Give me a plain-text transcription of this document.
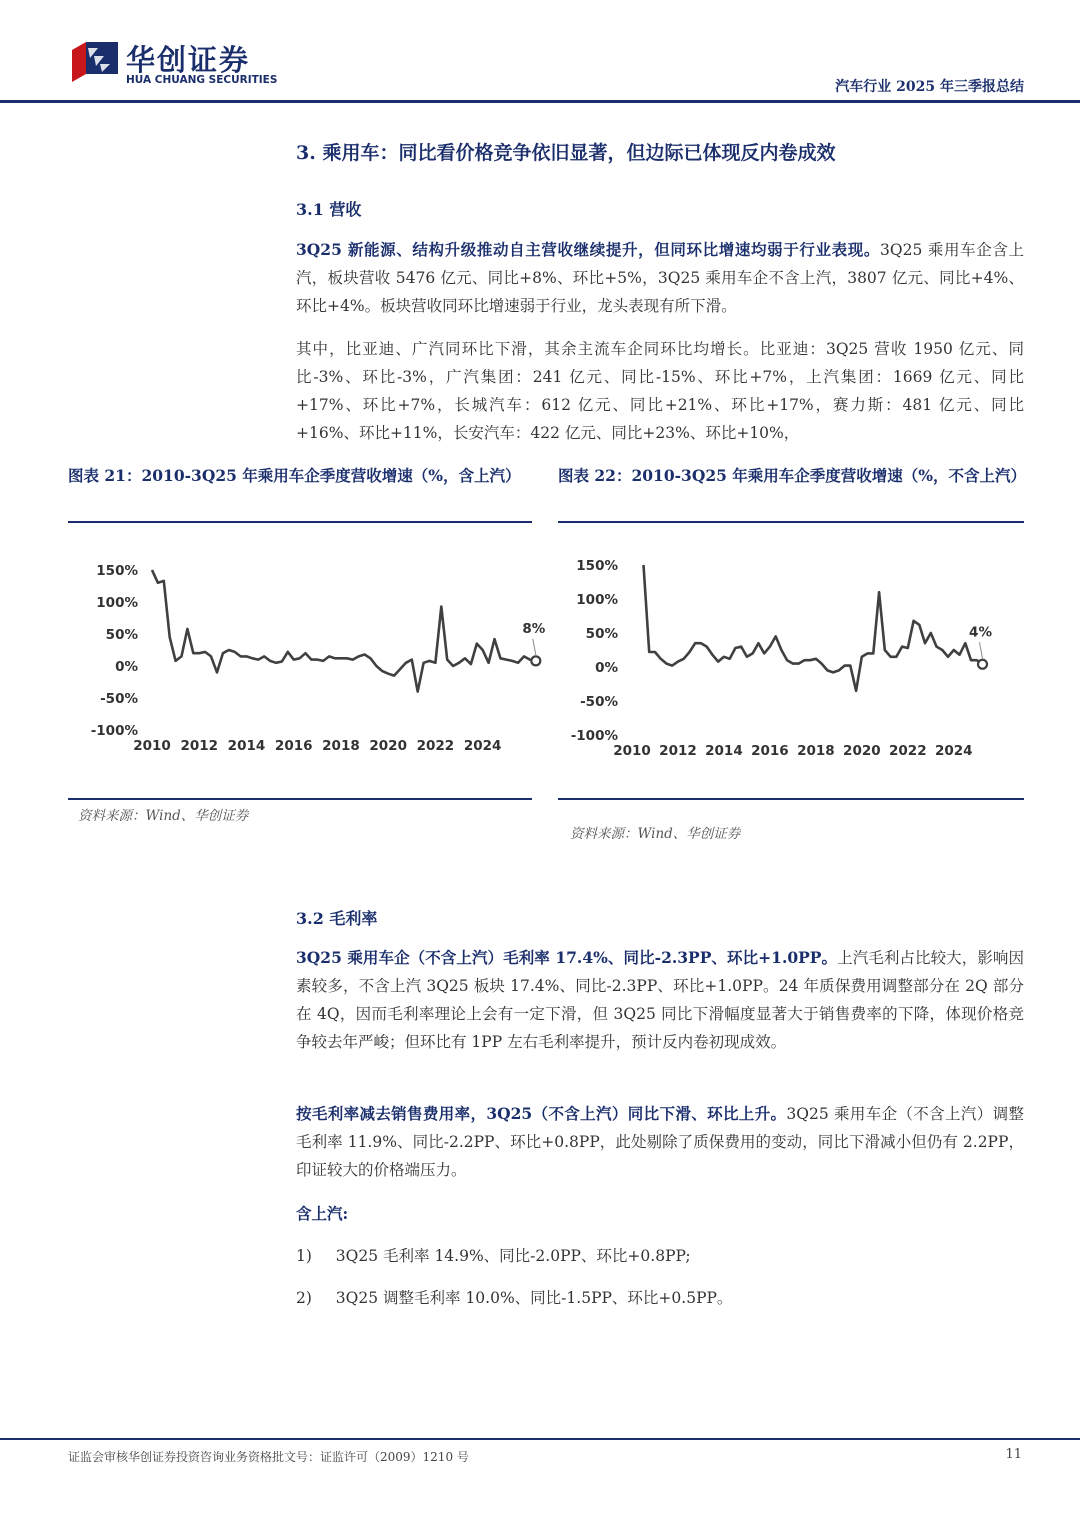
华创证券
HUA CHUANG SECURITIES	汽车行业 2025 年三季报总结
3. 乘用车：同比看价格竞争依旧显著，但边际已体现反内卷成效
3.1 营收

3Q25 新能源、结构升级推动自主营收继续提升，但同环比增速均弱于行业表现。3Q25 乘用车企含上汽，板块营收 5476 亿元、同比+8%、环比+5%，3Q25 乘用车企不含上汽，3807 亿元、同比+4%、环比+4%。板块营收同环比增速弱于行业，龙头表现有所下滑。

其中，比亚迪、广汽同环比下滑，其余主流车企同环比均增长。比亚迪：3Q25 营收 1950 亿元、同比-3%、环比-3%，广汽集团：241 亿元、同比-15%、环比+7%，上汽集团：1669 亿元、同比+17%、环比+7%，长城汽车：612 亿元、同比+21%、环比+17%，赛力斯：481 亿元、同比+16%、环比+11%，长安汽车：422 亿元、同比+23%、环比+10%，

图表 21：2010-3Q25 年乘用车企季度营收增速（%，含上汽）	图表 22：2010-3Q25 年乘用车企季度营收增速（%，不含上汽）
150%
100%
50%
0%
-50%
-100%
2010 2012 2014 2016 2018 2020 2022 2024
8%
150%
100%
50%
0%
-50%
-100%
2010 2012 2014 2016 2018 2020 2022 2024
4%
资料来源：Wind、华创证券
资料来源：Wind、华创证券
3.2 毛利率

3Q25 乘用车企（不含上汽）毛利率 17.4%、同比-2.3PP、环比+1.0PP。上汽毛利占比较大，影响因素较多，不含上汽 3Q25 板块 17.4%、同比-2.3PP、环比+1.0PP。24 年质保费用调整部分在 2Q 部分在 4Q，因而毛利率理论上会有一定下滑，但 3Q25 同比下滑幅度显著大于销售费率的下降，体现价格竞争较去年严峻；但环比有 1PP 左右毛利率提升，预计反内卷初现成效。

按毛利率减去销售费用率，3Q25（不含上汽）同比下滑、环比上升。3Q25 乘用车企（不含上汽）调整毛利率 11.9%、同比-2.2PP、环比+0.8PP，此处剔除了质保费用的变动，同比下滑减小但仍有 2.2PP，印证较大的价格端压力。

含上汽:

1) 3Q25 毛利率 14.9%、同比-2.0PP、环比+0.8PP;
2) 3Q25 调整毛利率 10.0%、同比-1.5PP、环比+0.5PP。
证监会审核华创证券投资咨询业务资格批文号：证监许可（2009）1210 号	11
